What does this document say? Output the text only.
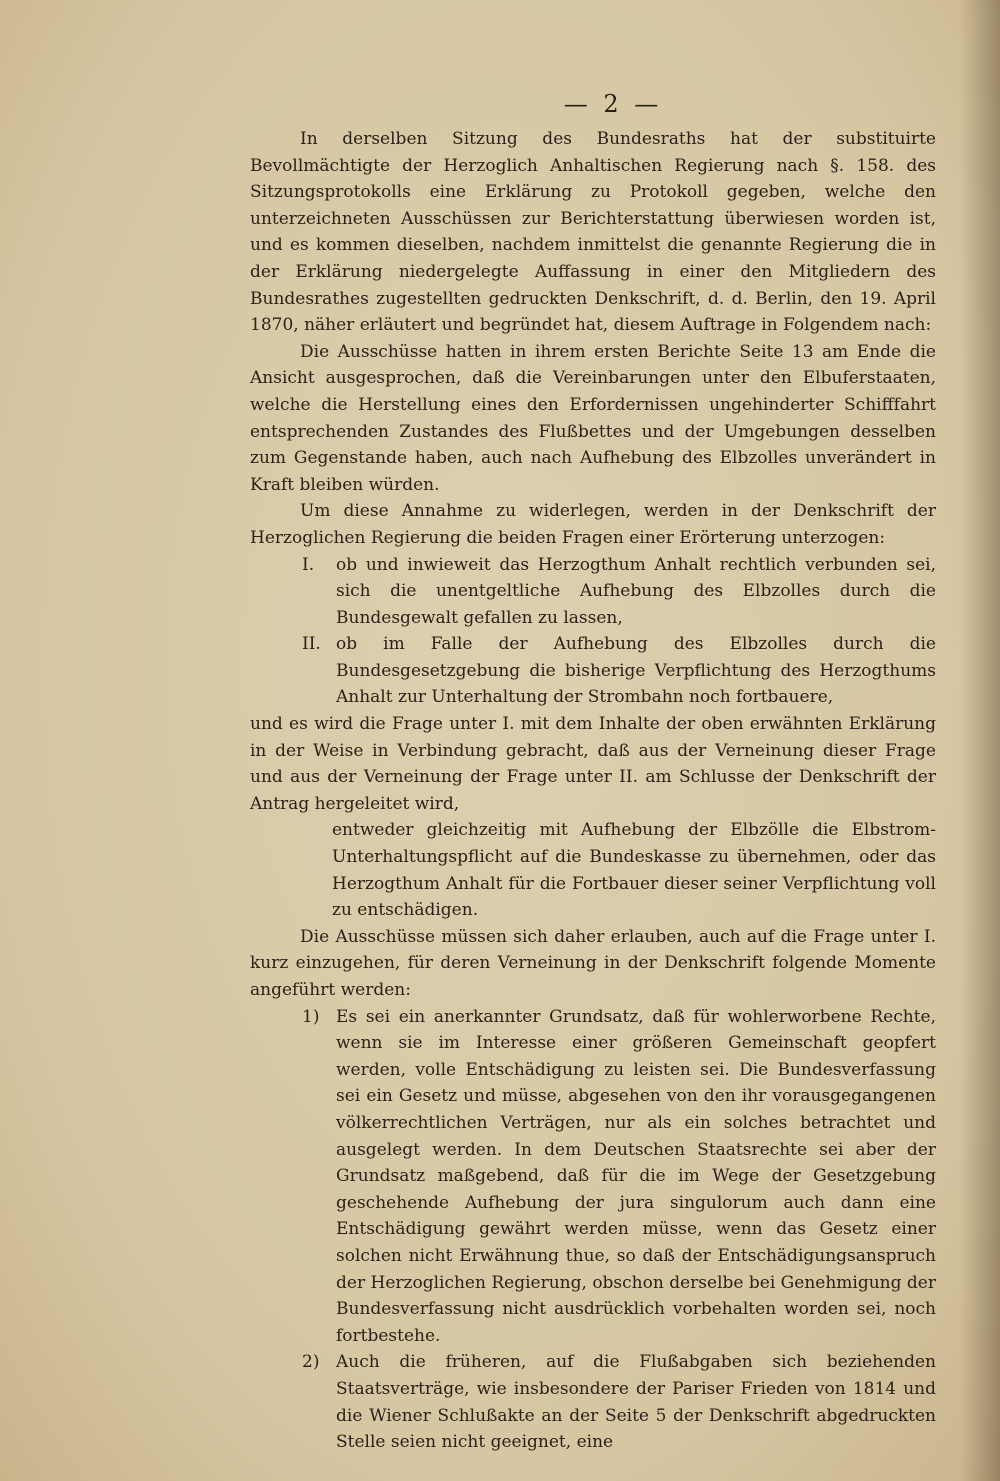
— 2 —

In derselben Sitzung des Bundesraths hat der substituirte Bevollmächtigte der Herzoglich Anhaltischen Regierung nach §. 158. des Sitzungsprotokolls eine Erklärung zu Protokoll gegeben, welche den unterzeichneten Ausschüssen zur Berichterstattung überwiesen worden ist, und es kommen dieselben, nachdem inmittelst die genannte Regierung die in der Erklärung niedergelegte Auffassung in einer den Mitgliedern des Bundesrathes zugestellten gedruckten Denkschrift, d. d. Berlin, den 19. April 1870, näher erläutert und begründet hat, diesem Auftrage in Folgendem nach:

Die Ausschüsse hatten in ihrem ersten Berichte Seite 13 am Ende die Ansicht ausgesprochen, daß die Vereinbarungen unter den Elbuferstaaten, welche die Herstellung eines den Erfordernissen ungehinderter Schifffahrt entsprechenden Zustandes des Flußbettes und der Umgebungen desselben zum Gegenstande haben, auch nach Aufhebung des Elbzolles unverändert in Kraft bleiben würden.

Um diese Annahme zu widerlegen, werden in der Denkschrift der Herzoglichen Regierung die beiden Fragen einer Erörterung unterzogen:

I.	ob und inwieweit das Herzogthum Anhalt rechtlich verbunden sei, sich die unentgeltliche Aufhebung des Elbzolles durch die Bundesgewalt gefallen zu lassen,
II. ob im Falle der Aufhebung des Elbzolles durch die Bundesgesetzgebung die bisherige Verpflichtung des Herzogthums Anhalt zur Unterhaltung der Strombahn noch fortbauere,

und es wird die Frage unter I. mit dem Inhalte der oben erwähnten Erklärung in der Weise in Verbindung gebracht, daß aus der Verneinung dieser Frage und aus der Verneinung der Frage unter II. am Schlusse der Denkschrift der Antrag hergeleitet wird,

entweder gleichzeitig mit Aufhebung der Elbzölle die Elbstrom-Unterhaltungspflicht auf die Bundeskasse zu übernehmen, oder das Herzogthum Anhalt für die Fortbauer dieser seiner Verpflichtung voll zu entschädigen.

Die Ausschüsse müssen sich daher erlauben, auch auf die Frage unter I. kurz einzugehen, für deren Verneinung in der Denkschrift folgende Momente angeführt werden:

1) Es sei ein anerkannter Grundsatz, daß für wohlerworbene Rechte, wenn sie im Interesse einer größeren Gemeinschaft geopfert werden, volle Entschädigung zu leisten sei. Die Bundesverfassung sei ein Gesetz und müsse, abgesehen von den ihr vorausgegangenen völkerrechtlichen Verträgen, nur als ein solches betrachtet und ausgelegt werden. In dem Deutschen Staatsrechte sei aber der Grundsatz maßgebend, daß für die im Wege der Gesetzgebung geschehende Aufhebung der jura singulorum auch dann eine Entschädigung gewährt werden müsse, wenn das Gesetz einer solchen nicht Erwähnung thue, so daß der Entschädigungsanspruch der Herzoglichen Regierung, obschon derselbe bei Genehmigung der Bundesverfassung nicht ausdrücklich vorbehalten worden sei, noch fortbestehe.
2) Auch die früheren, auf die Flußabgaben sich beziehenden Staatsverträge, wie insbesondere der Pariser Frieden von 1814 und die Wiener Schlußakte an der Seite 5 der Denkschrift abgedruckten Stelle seien nicht geeignet, eine
